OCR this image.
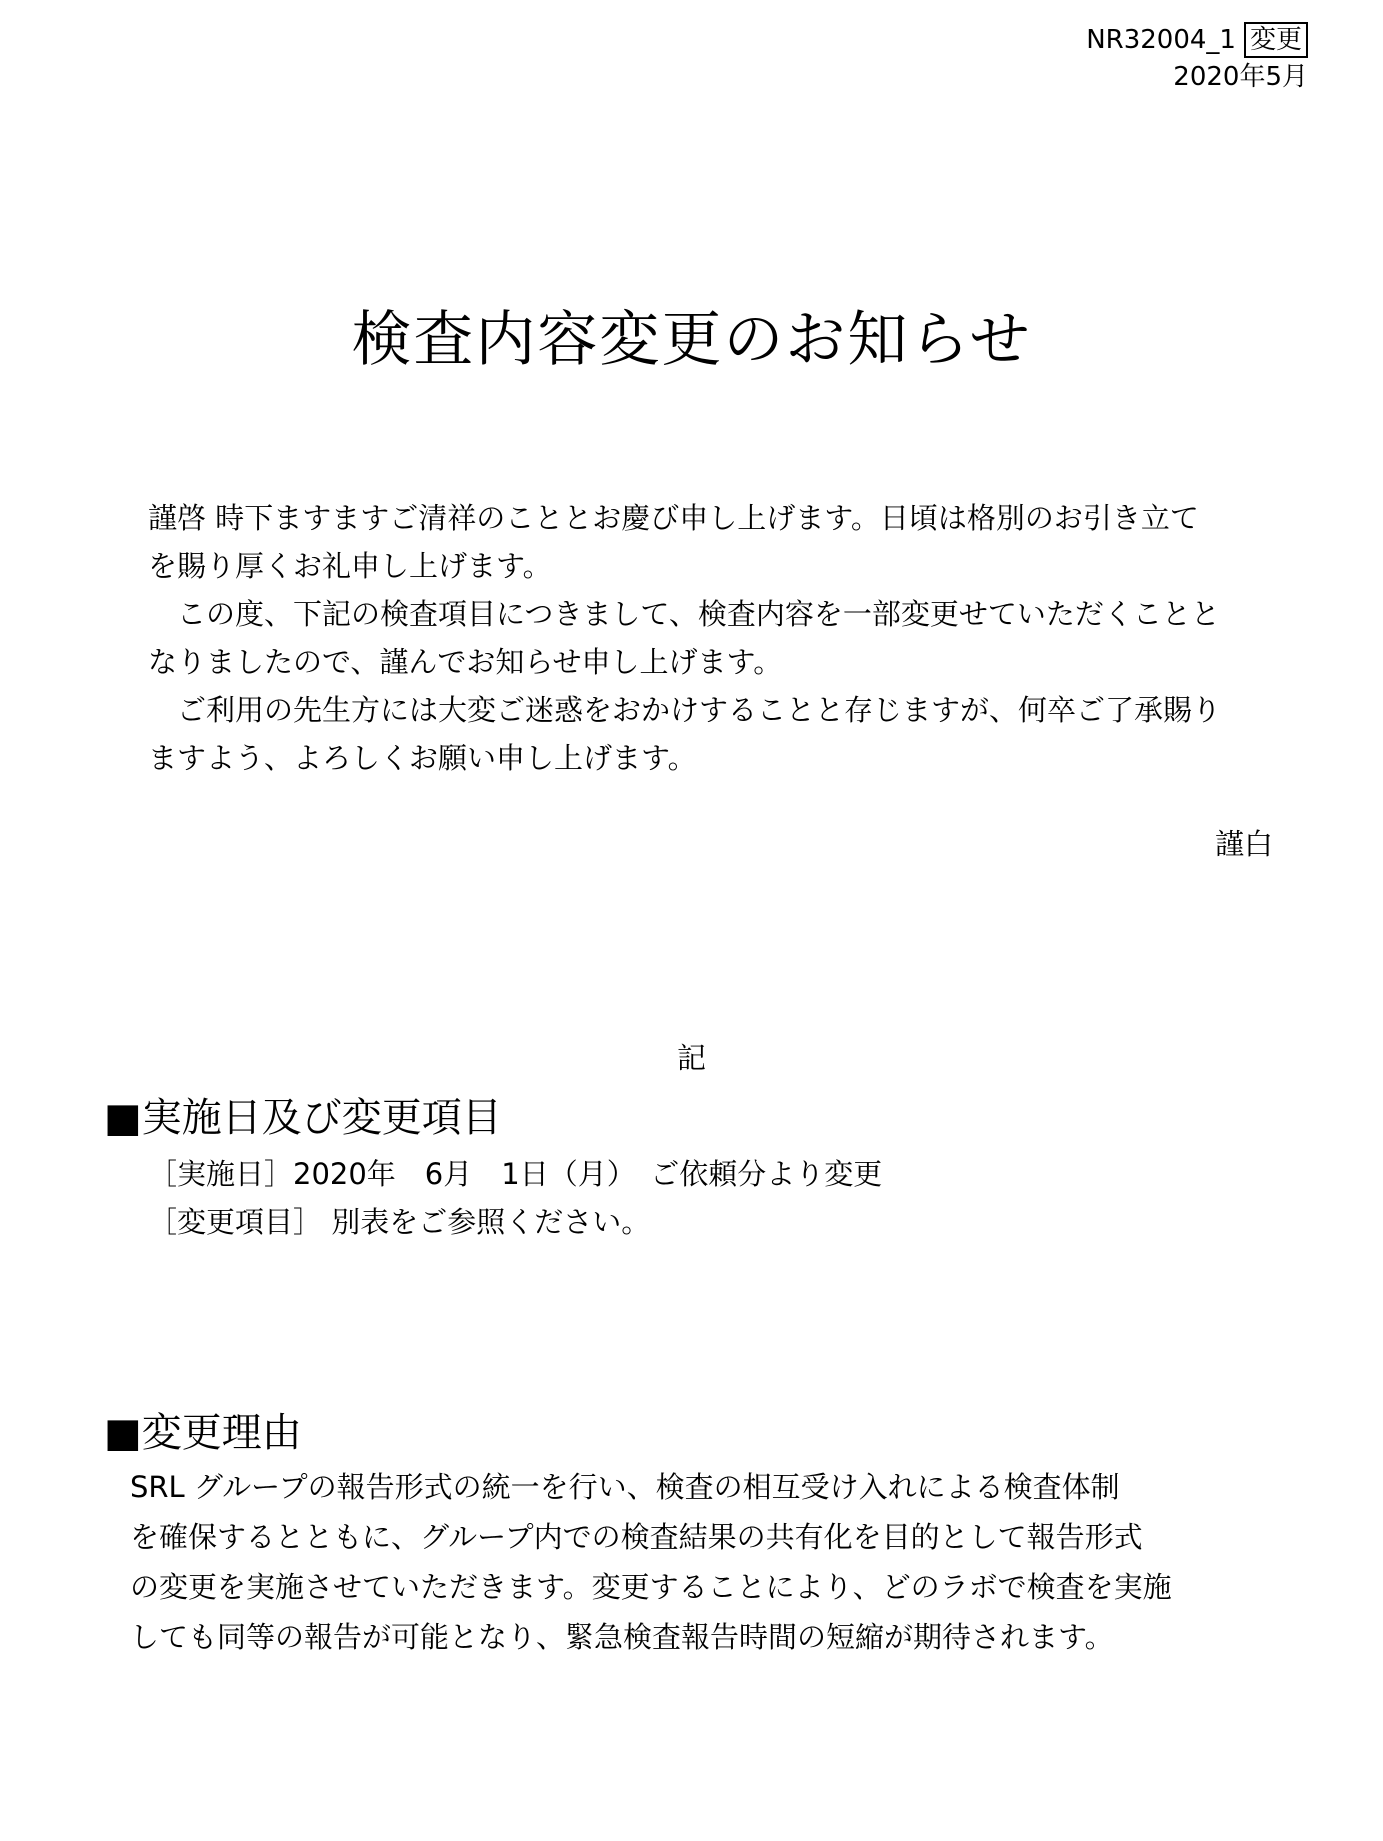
NR32004_1 変更
2020年5月
検査内容変更のお知らせ

謹啓 時下ますますご清祥のこととお慶び申し上げます。日頃は格別のお引き立て

を賜り厚くお礼申し上げます。

この度、下記の検査項目につきまして、検査内容を一部変更せていただくことと

なりましたので、謹んでお知らせ申し上げます。

ご利用の先生方には大変ご迷惑をおかけすることと存じますが、何卒ご了承賜り

ますよう、よろしくお願い申し上げます。

謹白
記
■実施日及び変更項目
［実施日］2020年　6月　1日（月）　ご依頼分より変更
［変更項目］ 別表をご参照ください。
■変更理由
SRL グループの報告形式の統一を行い、検査の相互受け入れによる検査体制
を確保するとともに、グループ内での検査結果の共有化を目的として報告形式
の変更を実施させていただきます。変更することにより、どのラボで検査を実施
しても同等の報告が可能となり、緊急検査報告時間の短縮が期待されます。
